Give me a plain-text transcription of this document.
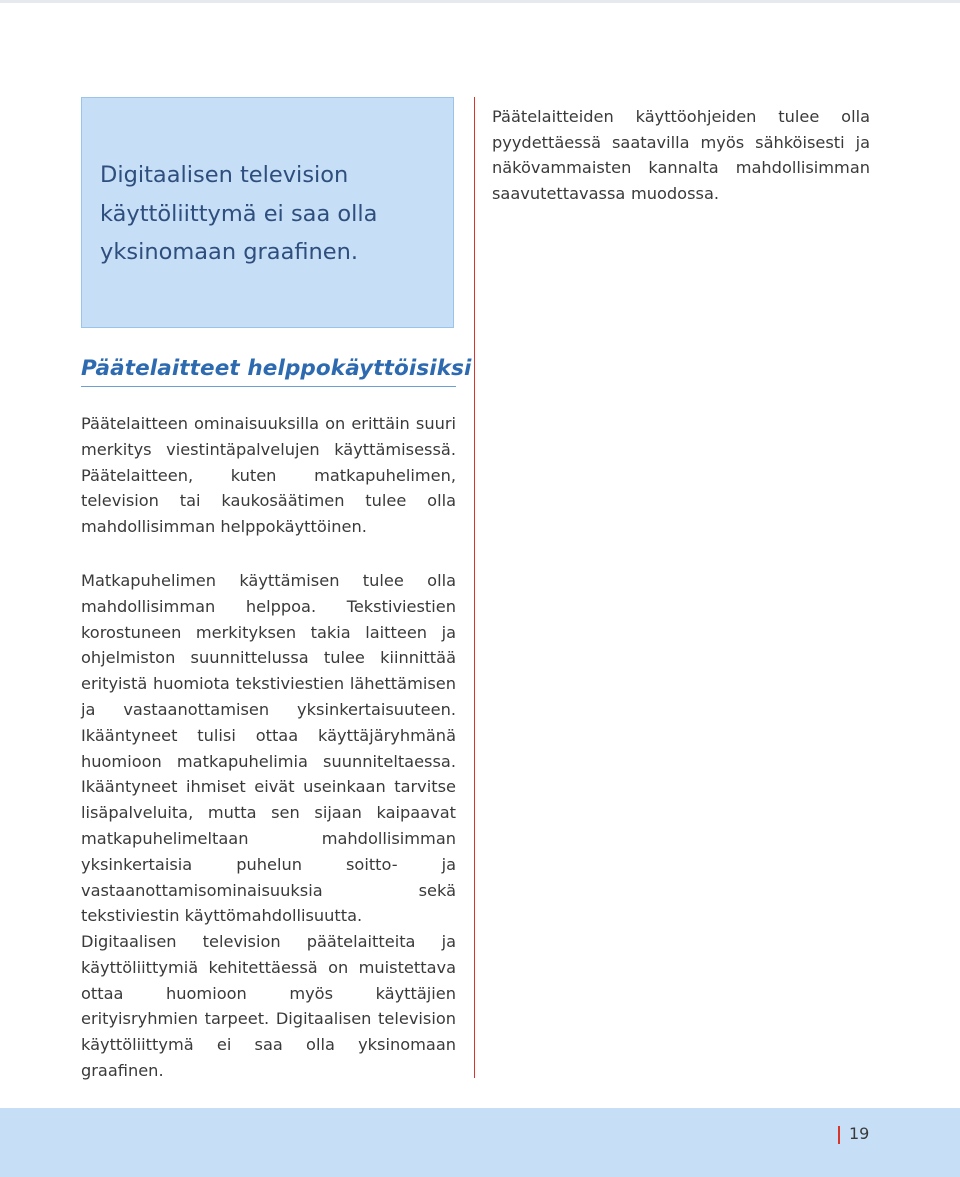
Digitaalisen television käyttöliittymä ei saa olla yksinomaan graafinen.

Päätelaitteiden käyttöohjeiden tulee olla pyydettäessä saatavilla myös sähköisesti ja näkövammaisten kannalta mahdollisimman saavutettavassa muodossa.

Päätelaitteet helppokäyttöisiksi

Päätelaitteen ominaisuuksilla on erittäin suuri merkitys viestintäpalvelujen käyttämisessä. Päätelaitteen, kuten matkapuhelimen, television tai kaukosäätimen tulee olla mahdollisimman helppokäyttöinen.

Matkapuhelimen käyttämisen tulee olla mahdollisimman helppoa. Tekstiviestien korostuneen merkityksen takia laitteen ja ohjelmiston suunnittelussa tulee kiinnittää erityistä huomiota tekstiviestien lähettämisen ja vastaanottamisen yksinkertaisuuteen. Ikääntyneet tulisi ottaa käyttäjäryhmänä huomioon matkapuhelimia suunniteltaessa. Ikääntyneet ihmiset eivät useinkaan tarvitse lisäpalveluita, mutta sen sijaan kaipaavat matkapuhelimeltaan mahdollisimman yksinkertaisia puhelun soitto- ja vastaanottamisominaisuuksia sekä tekstiviestin käyttömahdollisuutta.

Digitaalisen television päätelaitteita ja käyttöliittymiä kehitettäessä on muistettava ottaa huomioon myös käyttäjien erityisryhmien tarpeet. Digitaalisen television käyttöliittymä ei saa olla yksinomaan graafinen.

19
